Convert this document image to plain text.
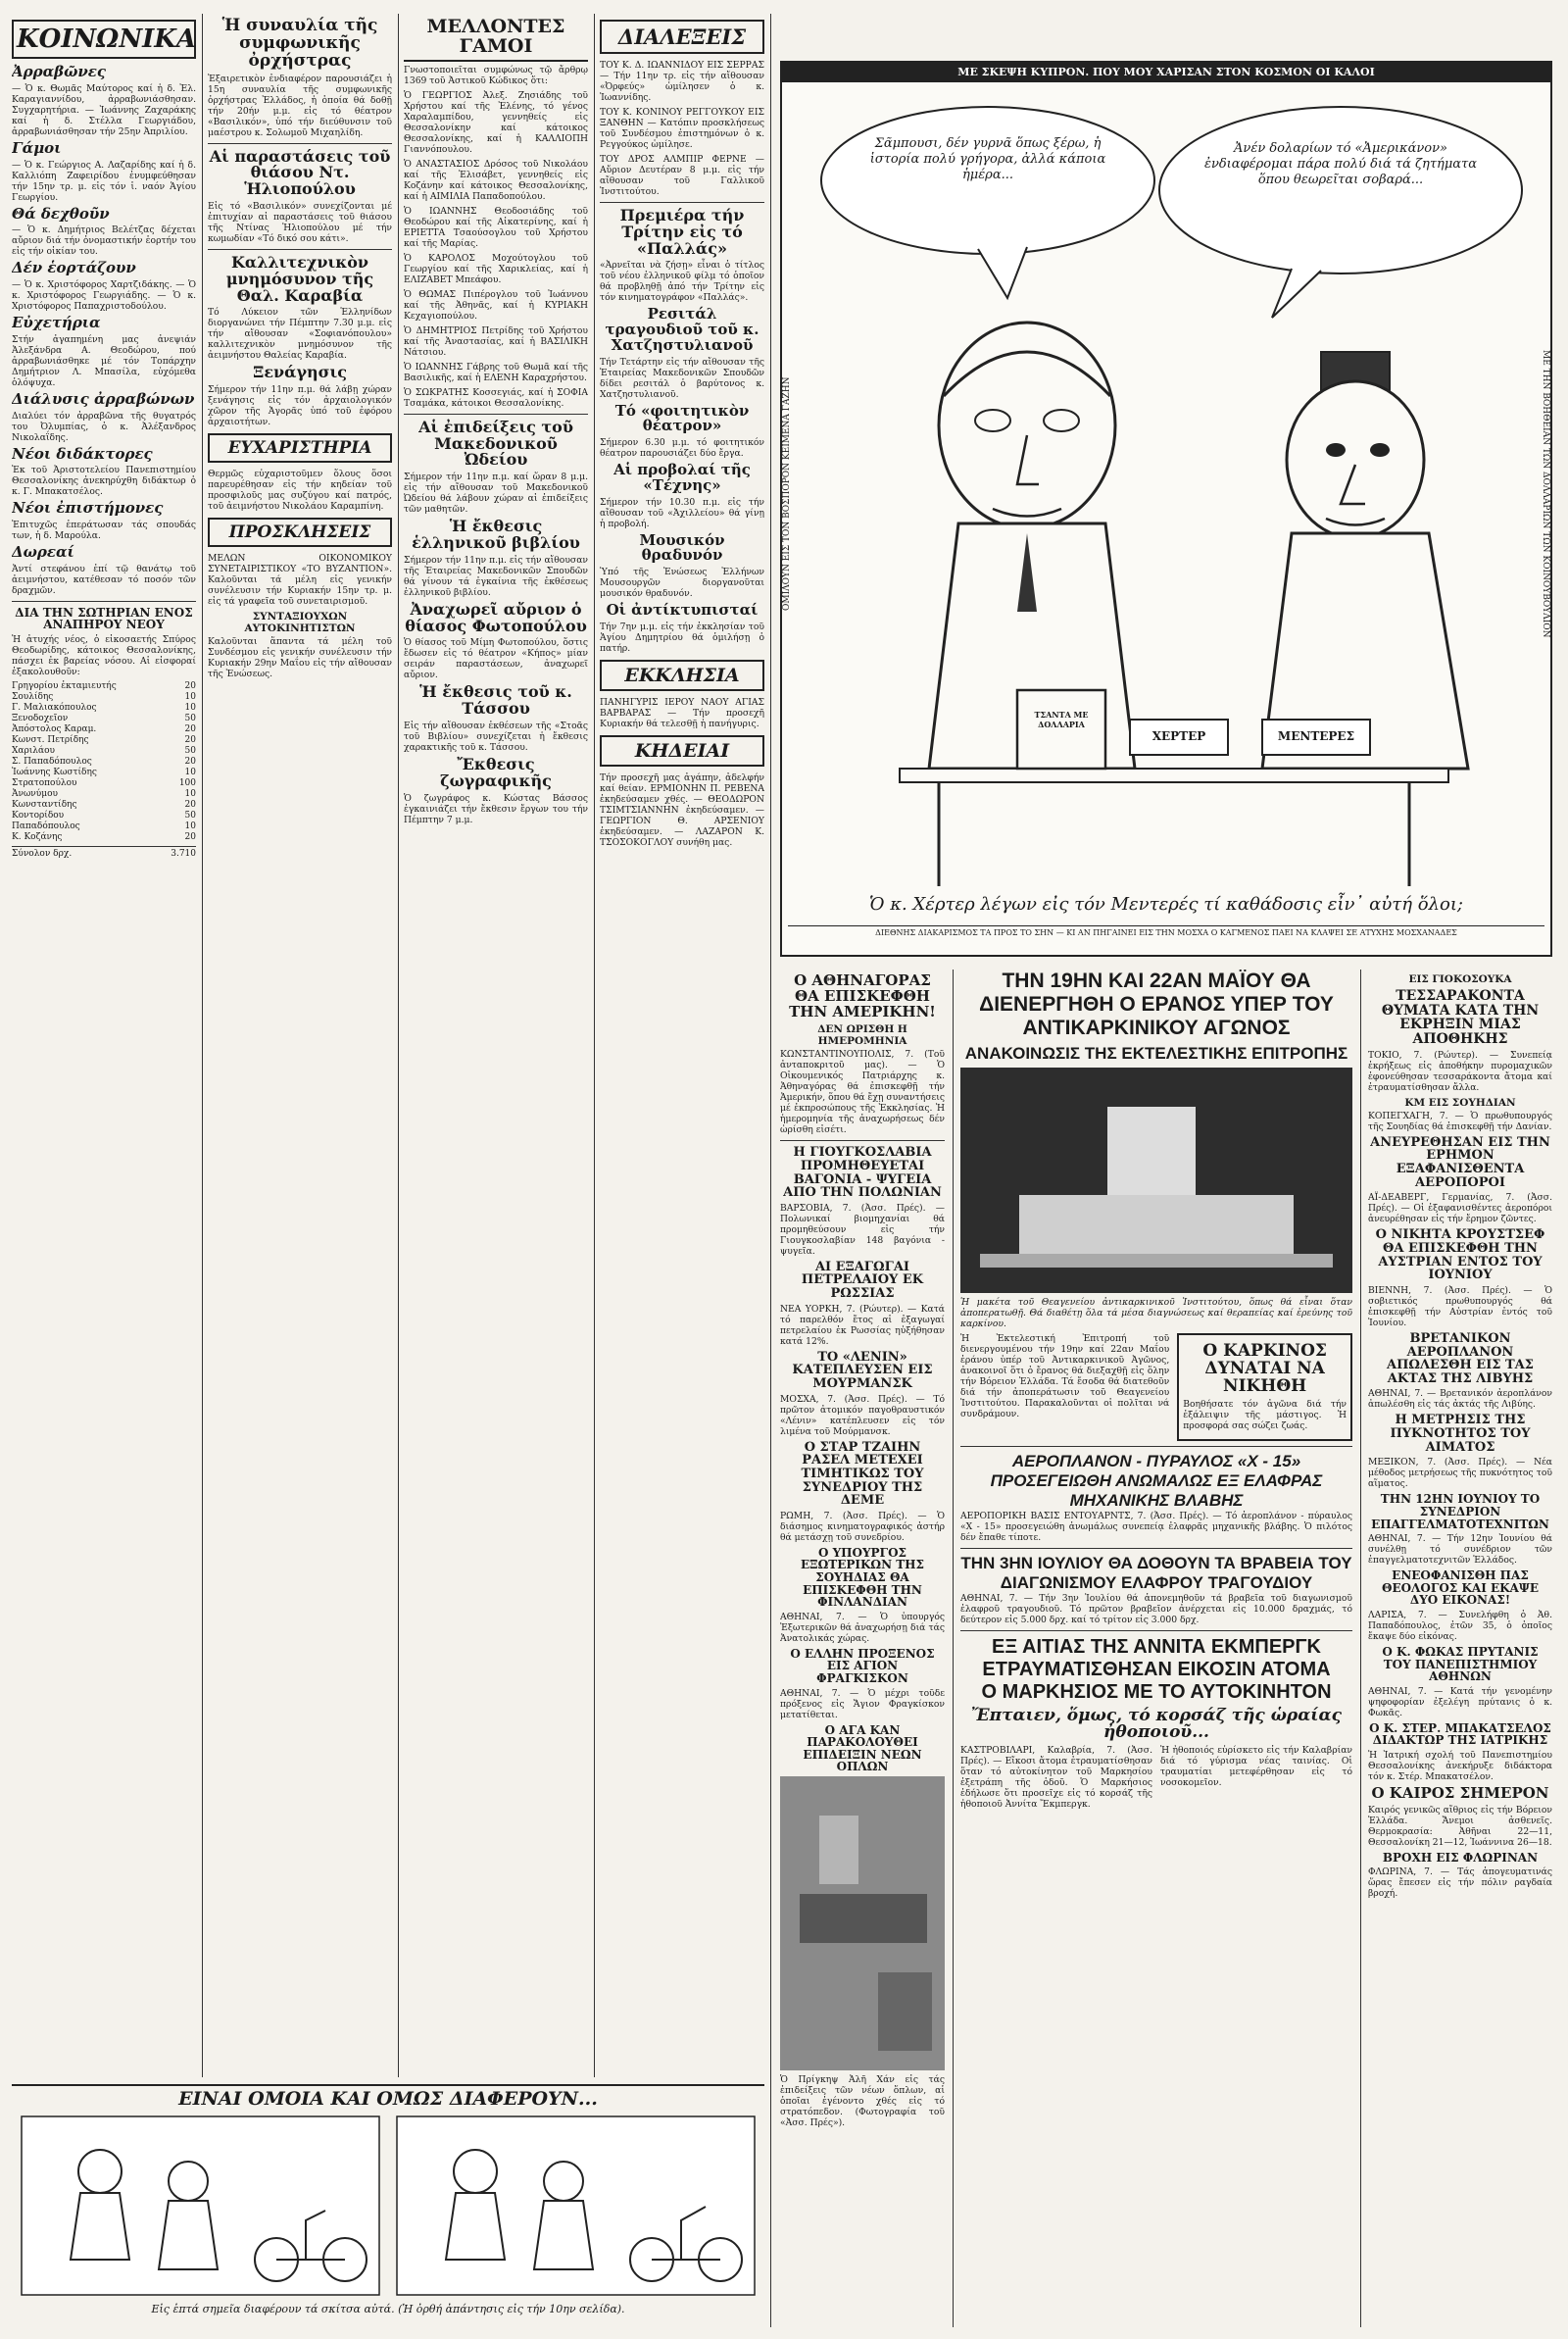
ΚΟΙΝΩΝΙΚΑ
Ἀρραβῶνες

— Ὁ κ. Θωμᾶς Μαύτορος καί ἡ δ. Ἐλ. Καραγιαννίδου, ἀρραβωνιάσθησαν. Συγχαρητήρια. — Ἰωάννης Ζαχαράκης καί ἡ δ. Στέλλα Γεωργιάδου, ἀρραβωνιάσθησαν τήν 25ην Ἀπριλίου.

Γάμοι

— Ὁ κ. Γεώργιος Α. Λαζαρίδης καί ἡ δ. Καλλιόπη Ζαφειρίδου ἐνυμφεύθησαν τήν 15ην τρ. μ. εἰς τόν ἱ. ναόν Ἁγίου Γεωργίου.

Θά δεχθοῦν

— Ὁ κ. Δημήτριος Βελέτζας δέχεται αὔριον διά τήν ὀνομαστικήν ἑορτήν του εἰς τήν οἰκίαν του.

Δέν ἑορτάζουν

— Ὁ κ. Χριστόφορος Χαρτζιδάκης. — Ὁ κ. Χριστόφορος Γεωργιάδης. — Ὁ κ. Χριστόφορος Παπαχριστοδούλου.

Εὐχετήρια

Στήν ἀγαπημένη μας ἀνεψιάν Ἀλεξάνδρα Α. Θεοδώρου, πού ἀρραβωνιάσθηκε μέ τόν Τοπάρχην Δημήτριον Λ. Μπασίλα, εὐχόμεθα ὁλόψυχα.

Διάλυσις ἀρραβώνων

Διαλύει τόν ἀρραβῶνα τῆς θυγατρός του Ὀλυμπίας, ὁ κ. Ἀλέξανδρος Νικολαΐδης.

Νέοι διδάκτορες

Ἐκ τοῦ Ἀριστοτελείου Πανεπιστημίου Θεσσαλονίκης ἀνεκηρύχθη διδάκτωρ ὁ κ. Γ. Μπακατσέλος.

Νέοι ἐπιστήμονες

Ἐπιτυχῶς ἐπεράτωσαν τάς σπουδάς των, ἡ δ. Μαρούλα.

Δωρεαί

Ἀντί στεφάνου ἐπί τῷ θανάτῳ τοῦ ἀειμνήστου, κατέθεσαν τό ποσόν τῶν δραχμῶν.

ΔΙΑ ΤΗΝ ΣΩΤΗΡΙΑΝ ΕΝΟΣ ΑΝΑΠΗΡΟΥ ΝΕΟΥ

Ἡ ἀτυχής νέος, ὁ εἰκοσαετής Σπύρος Θεοδωρίδης, κάτοικος Θεσσαλονίκης, πάσχει ἐκ βαρείας νόσου. Αἱ εἰσφοραί ἐξακολουθοῦν:

Γρηγορίου ἐκταμιευτής	20
Σουλίδης	10
Γ. Μαλιακόπουλος	10
Ξενοδοχεῖον	50
Ἀπόστολος Καραμ.	20
Κωνστ. Πετρίδης	20
Χαριλάου	50
Σ. Παπαδόπουλος	20
Ἰωάννης Κωστίδης	10
Στρατοπούλου	100
Ἀνωνύμου	10
Κωνσταντίδης	20
Κοντορίδου	50
Παπαδόπουλος	10
Κ. Κοζάνης	20
Σύνολον δρχ.	3.710
Ἡ συναυλία τῆς συμφωνικῆς ὀρχήστρας

Ἐξαιρετικὸν ἐνδιαφέρον παρουσιάζει ἡ 15η συναυλία τῆς συμφωνικῆς ὀρχήστρας Ἐλλάδος, ἡ ὁποία θά δοθῇ τήν 20ήν μ.μ. εἰς τό θέατρον «Βασιλικόν», ὑπό τήν διεύθυνσιν τοῦ μαέστρου κ. Σολωμοῦ Μιχαηλίδη.

Αἱ παραστάσεις τοῦ θιάσου Ντ. Ἡλιοπούλου

Εἰς τό «Βασιλικόν» συνεχίζονται μέ ἐπιτυχίαν αἱ παραστάσεις τοῦ θιάσου τῆς Ντίνας Ἡλιοπούλου μέ τήν κωμωδίαν «Τό δικό σου κάτι».

Καλλιτεχνικὸν μνημόσυνον τῆς Θαλ. Καραβία

Τό Λύκειον τῶν Ἑλληνίδων διοργανώνει τήν Πέμπτην 7.30 μ.μ. εἰς τήν αἴθουσαν «Σοφιανόπουλου» καλλιτεχνικὸν μνημόσυνον τῆς ἀειμνήστου Θαλείας Καραβία.

Ξενάγησις

Σήμερον τήν 11ην π.μ. θά λάβῃ χώραν ξενάγησις εἰς τόν ἀρχαιολογικόν χῶρον τῆς Ἀγορᾶς ὑπό τοῦ ἐφόρου ἀρχαιοτήτων.

ΕΥΧΑΡΙΣΤΗΡΙΑ

Θερμῶς εὐχαριστοῦμεν ὅλους ὅσοι παρευρέθησαν εἰς τήν κηδείαν τοῦ προσφιλοῦς μας συζύγου καί πατρός, τοῦ ἀειμνήστου Νικολάου Καραμπίνη.

ΠΡΟΣΚΛΗΣΕΙΣ

ΜΕΛΩΝ ΟΙΚΟΝΟΜΙΚΟΥ ΣΥΝΕΤΑΙΡΙΣΤΙΚΟΥ «ΤΟ ΒΥΖΑΝΤΙΟΝ». Καλοῦνται τά μέλη εἰς γενικήν συνέλευσιν τήν Κυριακήν 15ην τρ. μ. εἰς τά γραφεῖα τοῦ συνεταιρισμοῦ.

ΣΥΝΤΑΞΙΟΥΧΩΝ ΑΥΤΟΚΙΝΗΤΙΣΤΩΝ

Καλοῦνται ἅπαντα τά μέλη τοῦ Συνδέσμου εἰς γενικήν συνέλευσιν τήν Κυριακήν 29ην Μαΐου εἰς τήν αἴθουσαν τῆς Ἑνώσεως.

ΜΕΛΛΟΝΤΕΣ ΓΑΜΟΙ

Γνωστοποιεῖται συμφώνως τῷ ἄρθρῳ 1369 τοῦ Ἀστικοῦ Κώδικος ὅτι:

Ὁ ΓΕΩΡΓΙΟΣ Ἀλεξ. Ζησιάδης τοῦ Χρήστου καί τῆς Ἐλένης, τό γένος Χαραλαμπίδου, γεννηθείς εἰς Θεσσαλονίκην καί κάτοικος Θεσσαλονίκης, καί ἡ ΚΑΛΛΙΟΠΗ Γιαννόπουλου.

Ὁ ΑΝΑΣΤΑΣΙΟΣ Δρόσος τοῦ Νικολάου καί τῆς Ἐλισάβετ, γεννηθείς εἰς Κοζάνην καί κάτοικος Θεσσαλονίκης, καί ἡ ΑΙΜΙΛΙΑ Παπαδοπούλου.

Ὁ ΙΩΑΝΝΗΣ Θεοδοσιάδης τοῦ Θεοδώρου καί τῆς Αἰκατερίνης, καί ἡ ΕΡΙΕΤΤΑ Τσαούσογλου τοῦ Χρήστου καί τῆς Μαρίας.

Ὁ ΚΑΡΟΛΟΣ Μοχούτογλου τοῦ Γεωργίου καί τῆς Χαρικλείας, καί ἡ ΕΛΙΖΑΒΕΤ Μπεάφου.

Ὁ ΘΩΜΑΣ Πιπέρογλου τοῦ Ἰωάννου καί τῆς Ἀθηνᾶς, καί ἡ ΚΥΡΙΑΚΗ Κεχαγιοπούλου.

Ὁ ΔΗΜΗΤΡΙΟΣ Πετρίδης τοῦ Χρήστου καί τῆς Ἀναστασίας, καί ἡ ΒΑΣΙΛΙΚΗ Νάτσιου.

Ὁ ΙΩΑΝΝΗΣ Γάβρης τοῦ Θωμᾶ καί τῆς Βασιλικῆς, καί ἡ ΕΛΕΝΗ Καραχρήστου.

Ὁ ΣΩΚΡΑΤΗΣ Κοσσεγιάς, καί ἡ ΣΟΦΙΑ Τσαμάκα, κάτοικοι Θεσσαλονίκης.

Αἱ ἐπιδείξεις τοῦ Μακεδονικοῦ Ὠδείου

Σήμερον τήν 11ην π.μ. καί ὥραν 8 μ.μ. εἰς τήν αἴθουσαν τοῦ Μακεδονικοῦ Ὠδείου θά λάβουν χώραν αἱ ἐπιδείξεις τῶν μαθητῶν.

Ἡ ἔκθεσις ἑλληνικοῦ βιβλίου

Σήμερον τήν 11ην π.μ. εἰς τήν αἴθουσαν τῆς Ἑταιρείας Μακεδονικῶν Σπουδῶν θά γίνουν τά ἐγκαίνια τῆς ἐκθέσεως ἑλληνικοῦ βιβλίου.

Ἀναχωρεῖ αὔριον ὁ θίασος Φωτοπούλου

Ὁ θίασος τοῦ Μίμη Φωτοπούλου, ὅστις ἔδωσεν εἰς τό θέατρον «Κήπος» μίαν σειράν παραστάσεων, ἀναχωρεῖ αὔριον.

Ἡ ἔκθεσις τοῦ κ. Τάσσου

Εἰς τήν αἴθουσαν ἐκθέσεων τῆς «Στοᾶς τοῦ Βιβλίου» συνεχίζεται ἡ ἔκθεσις χαρακτικῆς τοῦ κ. Τάσσου.

Ἔκθεσις ζωγραφικῆς

Ὁ ζωγράφος κ. Κώστας Βάσσος ἐγκαινιάζει τήν ἔκθεσιν ἔργων του τήν Πέμπτην 7 μ.μ.

ΔΙΑΛΕΞΕΙΣ

ΤΟΥ Κ. Δ. ΙΩΑΝΝΙΔΟΥ ΕΙΣ ΣΕΡΡΑΣ — Τήν 11ην τρ. εἰς τήν αἴθουσαν «Ὀρφεύς» ὡμίλησεν ὁ κ. Ἰωαννίδης.

ΤΟΥ Κ. ΚΟΝΙΝΟΥ ΡΕΓΓΟΥΚΟΥ ΕΙΣ ΞΑΝΘΗΝ — Κατόπιν προσκλήσεως τοῦ Συνδέσμου ἐπιστημόνων ὁ κ. Ρεγγούκος ὡμίλησε.

ΤΟΥ ΔΡΟΣ ΑΛΜΠΙΡ ΦΕΡΝΕ — Αὔριον Δευτέραν 8 μ.μ. εἰς τήν αἴθουσαν τοῦ Γαλλικοῦ Ἰνστιτούτου.

Πρεμιέρα τήν Τρίτην εἰς τό «Παλλάς»

«Ἀρνεῖται νὰ ζήσῃ» εἶναι ὁ τίτλος τοῦ νέου ἑλληνικοῦ φίλμ τό ὁποῖον θά προβληθῇ ἀπό τήν Τρίτην εἰς τόν κινηματογράφον «Παλλάς».

Ρεσιτάλ τραγουδιοῦ τοῦ κ. Χατζηστυλιανοῦ

Τήν Τετάρτην εἰς τήν αἴθουσαν τῆς Ἑταιρείας Μακεδονικῶν Σπουδῶν δίδει ρεσιτάλ ὁ βαρύτονος κ. Χατζηστυλιανοῦ.

Τό «φοιτητικὸν θέατρον»

Σήμερον 6.30 μ.μ. τό φοιτητικόν θέατρον παρουσιάζει δύο ἔργα.

Αἱ προβολαί τῆς «Τέχνης»

Σήμερον τήν 10.30 π.μ. εἰς τήν αἴθουσαν τοῦ «Ἀχιλλείου» θά γίνῃ ἡ προβολή.

Μουσικόν θραδυνόν

Ὑπό τῆς Ἑνώσεως Ἐλλήνων Μουσουργῶν διοργανοῦται μουσικόν θραδυνόν.

Οἱ ἀντίκτυπισταί

Τήν 7ην μ.μ. εἰς τήν ἐκκλησίαν τοῦ Ἁγίου Δημητρίου θά ὁμιλήσῃ ὁ πατήρ.

ΕΚΚΛΗΣΙΑ

ΠΑΝΗΓΥΡΙΣ ΙΕΡΟΥ ΝΑΟΥ ΑΓΙΑΣ ΒΑΡΒΑΡΑΣ — Τήν προσεχῆ Κυριακήν θά τελεσθῇ ἡ πανήγυρις.

ΚΗΔΕΙΑΙ

Τήν προσεχῆ μας ἀγάπην, ἀδελφήν καί θείαν. ΕΡΜΙΟΝΗΝ Π. ΡΕΒΕΝΑ ἐκηδεύσαμεν χθές. — ΘΕΟΔΩΡΟΝ ΤΣΙΜΤΣΙΑΝΝΗΝ ἐκηδεύσαμεν. — ΓΕΩΡΓΙΟΝ Θ. ΑΡΣΕΝΙΟΥ ἐκηδεύσαμεν. — ΛΑΖΑΡΟΝ Κ. ΤΣΟΣΟΚΟΓΛΟΥ συνήθη μας.

ΜΕ ΣΚΕΨΗ ΚΥΠΡΟΝ. ΠΟΥ ΜΟΥ ΧΑΡΙΣΑΝ ΣΤΟΝ ΚΟΣΜΟΝ ΟΙ ΚΑΛΟΙ
Σᾶμπουσι, δέν γυρνᾶ ὅπως ξέρω, ἡ ἱστορία πολύ γρήγορα, ἀλλά κάποια ἡμέρα...
Ἀνέν δολαρίων τό «Ἀμερικάνον» ἐνδιαφέρομαι πάρα πολύ διά τά ζητήματα ὅπου θεωρεῖται σοβαρά...
ΧΕΡΤΕΡ	ΜΕΝΤΕΡΕΣ
ΤΣΑΝΤΑ ΜΕ ΔΟΛΛΑΡΙΑ
Ὁ κ. Χέρτερ λέγων εἰς τόν Μεντερές τί καθάδοσις εἶν᾽ αὐτή ὅλοι;
ΔΙΕΘΝΗΣ ΔΙΑΚΑΡΙΣΜΟΣ ΤΑ ΠΡΟΣ ΤΟ ΣΗΝ — ΚΙ ΑΝ ΠΗΓΑΙΝΕΙ ΕΙΣ ΤΗΝ ΜΟΣΧΑ Ο ΚΑΓΜΕΝΟΣ ΠΑΕΙ ΝΑ ΚΛΑΨΕΙ ΣΕ ΑΤΥΧΗΣ ΜΟΣΧΑΝΑΔΕΣ
ΟΜΙΛΟΥΝ ΕΙΣ ΤΟΝ ΒΟΣΠΟΡΟΝ ΚΕΙΜΕΝΑ ΓΑΖΗΝ	ΜΕ ΤΗΝ ΒΟΗΘΕΙΑΝ ΤΩΝ ΔΟΛΛΑΡΙΩΝ ΤΩΝ ΚΟΙΝΟΥΒΟΥΛΙΟΝ
Ο ΑΘΗΝΑΓΟΡΑΣ ΘΑ ΕΠΙΣΚΕΦΘΗ ΤΗΝ ΑΜΕΡΙΚΗΝ!
ΔΕΝ ΩΡΙΣΘΗ Η ΗΜΕΡΟΜΗΝΙΑ

ΚΩΝΣΤΑΝΤΙΝΟΥΠΟΛΙΣ, 7. (Τοῦ ἀνταποκριτοῦ μας). — Ὁ Οἰκουμενικός Πατριάρχης κ. Ἀθηναγόρας θά ἐπισκεφθῇ τήν Ἀμερικήν, ὅπου θά ἔχῃ συναντήσεις μέ ἐκπροσώπους τῆς Ἐκκλησίας. Ἡ ἡμερομηνία τῆς ἀναχωρήσεως δέν ὡρίσθη εἰσέτι.

Η ΓΙΟΥΓΚΟΣΛΑΒΙΑ ΠΡΟΜΗΘΕΥΕΤΑΙ ΒΑΓΟΝΙΑ - ΨΥΓΕΙΑ ΑΠΟ ΤΗΝ ΠΟΛΩΝΙΑΝ

ΒΑΡΣΟΒΙΑ, 7. (Ἀσσ. Πρές). — Πολωνικαί βιομηχανίαι θά προμηθεύσουν εἰς τήν Γιουγκοσλαβίαν 148 βαγόνια - ψυγεῖα.

ΑΙ ΕΞΑΓΩΓΑΙ ΠΕΤΡΕΛΑΙΟΥ ΕΚ ΡΩΣΣΙΑΣ

ΝΕΑ ΥΟΡΚΗ, 7. (Ρώυτερ). — Κατά τό παρελθόν ἔτος αἱ ἐξαγωγαί πετρελαίου ἐκ Ρωσσίας ηὐξήθησαν κατά 12%.

ΤΟ «ΛΕΝΙΝ» ΚΑΤΕΠΛΕΥΣΕΝ ΕΙΣ ΜΟΥΡΜΑΝΣΚ

ΜΟΣΧΑ, 7. (Ἀσσ. Πρές). — Τό πρῶτον ἀτομικόν παγοθραυστικόν «Λένιν» κατέπλευσεν εἰς τόν λιμένα τοῦ Μούρμανσκ.

Ο ΣΤΑΡ ΤΖΑΙΗΝ ΡΑΣΕΛ ΜΕΤΕΧΕΙ ΤΙΜΗΤΙΚΩΣ ΤΟΥ ΣΥΝΕΔΡΙΟΥ ΤΗΣ ΔΕΜΕ

ΡΩΜΗ, 7. (Ἀσσ. Πρές). — Ὁ διάσημος κινηματογραφικός ἀστήρ θά μετάσχῃ τοῦ συνεδρίου.

Ο ΥΠΟΥΡΓΟΣ ΕΞΩΤΕΡΙΚΩΝ ΤΗΣ ΣΟΥΗΔΙΑΣ ΘΑ ΕΠΙΣΚΕΦΘΗ ΤΗΝ ΦΙΝΛΑΝΔΙΑΝ

ΑΘΗΝΑΙ, 7. — Ὁ ὑπουργός Ἐξωτερικῶν θά ἀναχωρήσῃ διά τάς Ἀνατολικάς χώρας.

Ο ΕΛΛΗΝ ΠΡΟΞΕΝΟΣ ΕΙΣ ΑΓΙΟΝ ΦΡΑΓΚΙΣΚΟΝ

ΑΘΗΝΑΙ, 7. — Ὁ μέχρι τοῦδε πρόξενος εἰς Ἄγιον Φραγκίσκον μετατίθεται.

Ο ΑΓΑ ΚΑΝ ΠΑΡΑΚΟΛΟΥΘΕΙ ΕΠΙΔΕΙΞΙΝ ΝΕΩΝ ΟΠΛΩΝ

Ὁ Πρίγκηψ Ἀλῆ Χάν εἰς τάς ἐπιδείξεις τῶν νέων ὅπλων, αἱ ὁποῖαι ἐγένοντο χθές εἰς τό στρατόπεδον. (Φωτογραφία τοῦ «Ἀσσ. Πρές»).

ΤΗΝ 19ΗΝ ΚΑΙ 22ΑΝ ΜΑΪΟΥ ΘΑ ΔΙΕΝΕΡΓΗΘΗ Ο ΕΡΑΝΟΣ ΥΠΕΡ ΤΟΥ ΑΝΤΙΚΑΡΚΙΝΙΚΟΥ ΑΓΩΝΟΣ
ΑΝΑΚΟΙΝΩΣΙΣ ΤΗΣ ΕΚΤΕΛΕΣΤΙΚΗΣ ΕΠΙΤΡΟΠΗΣ

Ἡ μακέτα τοῦ Θεαγενείου ἀντικαρκινικοῦ Ἰνστιτούτου, ὅπως θά εἶναι ὅταν ἀποπερατωθῇ. Θά διαθέτῃ ὅλα τά μέσα διαγνώσεως καί θεραπείας καί ἐρεύνης τοῦ καρκίνου.

Ἡ Ἐκτελεστική Ἐπιτροπή τοῦ διενεργουμένου τήν 19ην καί 22αν Μαΐου ἐράνου ὑπέρ τοῦ Ἀντικαρκινικοῦ Ἀγῶνος, ἀνακοινοῖ ὅτι ὁ ἔρανος θά διεξαχθῇ εἰς ὅλην τήν Βόρειον Ἑλλάδα. Τά ἔσοδα θά διατεθοῦν διά τήν ἀποπεράτωσιν τοῦ Θεαγενείου Ἰνστιτούτου. Παρακαλοῦνται οἱ πολῖται νά συνδράμουν.

Ο ΚΑΡΚΙΝΟΣ ΔΥΝΑΤΑΙ ΝΑ ΝΙΚΗΘΗ

Βοηθήσατε τόν ἀγῶνα διά τήν ἐξάλειψιν τῆς μάστιγος. Ἡ προσφορά σας σώζει ζωάς.

ΑΕΡΟΠΛΑΝΟΝ - ΠΥΡΑΥΛΟΣ «Χ - 15» ΠΡΟΣΕΓΕΙΩΘΗ ΑΝΩΜΑΛΩΣ ΕΞ ΕΛΑΦΡΑΣ ΜΗΧΑΝΙΚΗΣ ΒΛΑΒΗΣ

ΑΕΡΟΠΟΡΙΚΗ ΒΑΣΙΣ ΕΝΤΟΥΑΡΝΤΣ, 7. (Ἀσσ. Πρές). — Τό ἀεροπλάνον - πύραυλος «Χ - 15» προσεγειώθη ἀνωμάλως συνεπείᾳ ἐλαφρᾶς μηχανικῆς βλάβης. Ὁ πιλότος δέν ἔπαθε τίποτε.

ΤΗΝ 3ΗΝ ΙΟΥΛΙΟΥ ΘΑ ΔΟΘΟΥΝ ΤΑ ΒΡΑΒΕΙΑ ΤΟΥ ΔΙΑΓΩΝΙΣΜΟΥ ΕΛΑΦΡΟΥ ΤΡΑΓΟΥΔΙΟΥ

ΑΘΗΝΑΙ, 7. — Τήν 3ην Ἰουλίου θά ἀπονεμηθοῦν τά βραβεῖα τοῦ διαγωνισμοῦ ἐλαφροῦ τραγουδιοῦ. Τό πρῶτον βραβεῖον ἀνέρχεται εἰς 10.000 δραχμάς, τό δεύτερον εἰς 5.000 δρχ. καί τό τρίτον εἰς 3.000 δρχ.

ΕΞ ΑΙΤΙΑΣ ΤΗΣ ΑΝΝΙΤΑ ΕΚΜΠΕΡΓΚ ΕΤΡΑΥΜΑΤΙΣΘΗΣΑΝ ΕΙΚΟΣΙΝ ΑΤΟΜΑ
Ο ΜΑΡΚΗΣΙΟΣ ΜΕ ΤΟ ΑΥΤΟΚΙΝΗΤΟΝ
Ἔπταιεν, ὅμως, τό κορσάζ τῆς ὡραίας ἠθοποιοῦ...

ΚΑΣΤΡΟΒΙΛΑΡΙ, Καλαβρία, 7. (Ἀσσ. Πρές). — Εἴκοσι ἄτομα ἐτραυματίσθησαν ὅταν τό αὐτοκίνητον τοῦ Μαρκησίου ἐξετράπη τῆς ὁδοῦ. Ὁ Μαρκήσιος ἐδήλωσε ὅτι προσεῖχε εἰς τό κορσάζ τῆς ἠθοποιοῦ Ἀννίτα Ἔκμπεργκ.

Ἡ ἠθοποιός εὑρίσκετο εἰς τήν Καλαβρίαν διά τό γύρισμα νέας ταινίας. Οἱ τραυματίαι μετεφέρθησαν εἰς τό νοσοκομεῖον.

ΕΙΣ ΓΙΟΚΟΣΟΥΚΑ
ΤΕΣΣΑΡΑΚΟΝΤΑ ΘΥΜΑΤΑ ΚΑΤΑ ΤΗΝ ΕΚΡΗΞΙΝ ΜΙΑΣ ΑΠΟΘΗΚΗΣ

ΤΟΚΙΟ, 7. (Ρώυτερ). — Συνεπείᾳ ἐκρήξεως εἰς ἀποθήκην πυρομαχικῶν ἐφονεύθησαν τεσσαράκοντα ἄτομα καί ἐτραυματίσθησαν ἄλλα.

ΚΜ ΕΙΣ ΣΟΥΗΔΙΑΝ

ΚΟΠΕΓΧΑΓΗ, 7. — Ὁ πρωθυπουργός τῆς Σουηδίας θά ἐπισκεφθῇ τήν Δανίαν.

ΑΝΕΥΡΕΘΗΣΑΝ ΕΙΣ ΤΗΝ ΕΡΗΜΟΝ ΕΞΑΦΑΝΙΣΘΕΝΤΑ ΑΕΡΟΠΟΡΟΙ

ΑΪ-ΔΕΑΒΕΡΓ, Γερμανίας, 7. (Ἀσσ. Πρές). — Οἱ ἐξαφανισθέντες ἀεροπόροι ἀνευρέθησαν εἰς τήν ἔρημον ζῶντες.

Ο ΝΙΚΗΤΑ ΚΡΟΥΣΤΣΕΦ ΘΑ ΕΠΙΣΚΕΦΘΗ ΤΗΝ ΑΥΣΤΡΙΑΝ ΕΝΤΟΣ ΤΟΥ ΙΟΥΝΙΟΥ

ΒΙΕΝΝΗ, 7. (Ἀσσ. Πρές). — Ὁ σοβιετικός πρωθυπουργός θά ἐπισκεφθῇ τήν Αὐστρίαν ἐντός τοῦ Ἰουνίου.

ΒΡΕΤΑΝΙΚΟΝ ΑΕΡΟΠΛΑΝΟΝ ΑΠΩΛΕΣΘΗ ΕΙΣ ΤΑΣ ΑΚΤΑΣ ΤΗΣ ΛΙΒΥΗΣ

ΑΘΗΝΑΙ, 7. — Βρετανικόν ἀεροπλάνον ἀπωλέσθη εἰς τάς ἀκτάς τῆς Λιβύης.

Η ΜΕΤΡΗΣΙΣ ΤΗΣ ΠΥΚΝΟΤΗΤΟΣ ΤΟΥ ΑΙΜΑΤΟΣ

ΜΕΞΙΚΟΝ, 7. (Ἀσσ. Πρές). — Νέα μέθοδος μετρήσεως τῆς πυκνότητος τοῦ αἵματος.

ΤΗΝ 12ΗΝ ΙΟΥΝΙΟΥ ΤΟ ΣΥΝΕΔΡΙΟΝ ΕΠΑΓΓΕΛΜΑΤΟΤΕΧΝΙΤΩΝ

ΑΘΗΝΑΙ, 7. — Τήν 12ην Ἰουνίου θά συνέλθῃ τό συνέδριον τῶν ἐπαγγελματοτεχνιτῶν Ἑλλάδος.

ΕΝΕΟΦΑΝΙΣΘΗ ΠΑΣ ΘΕΟΛΟΓΟΣ ΚΑΙ ΕΚΑΨΕ ΔΥΟ ΕΙΚΟΝΑΣ!

ΛΑΡΙΣΑ, 7. — Συνελήφθη ὁ Ἀθ. Παπαδόπουλος, ἐτῶν 35, ὁ ὁποῖος ἔκαψε δύο εἰκόνας.

Ο Κ. ΦΩΚΑΣ ΠΡΥΤΑΝΙΣ ΤΟΥ ΠΑΝΕΠΙΣΤΗΜΙΟΥ ΑΘΗΝΩΝ

ΑΘΗΝΑΙ, 7. — Κατά τήν γενομένην ψηφοφορίαν ἐξελέγη πρύτανις ὁ κ. Φωκᾶς.

Ο Κ. ΣΤΕΡ. ΜΠΑΚΑΤΣΕΛΟΣ ΔΙΔΑΚΤΩΡ ΤΗΣ ΙΑΤΡΙΚΗΣ

Ἡ Ἰατρική σχολή τοῦ Πανεπιστημίου Θεσσαλονίκης ἀνεκήρυξε διδάκτορα τόν κ. Στέρ. Μπακατσέλον.

Ο ΚΑΙΡΟΣ ΣΗΜΕΡΟΝ

Καιρός γενικῶς αἴθριος εἰς τήν Βόρειον Ἑλλάδα. Ἄνεμοι ἀσθενεῖς. Θερμοκρασία: Ἀθῆναι 22—11, Θεσσαλονίκη 21—12, Ἰωάννινα 26—18.

ΒΡΟΧΗ ΕΙΣ ΦΛΩΡΙΝΑΝ

ΦΛΩΡΙΝΑ, 7. — Τάς ἀπογευματινάς ὥρας ἔπεσεν εἰς τήν πόλιν ραγδαία βροχή.

ΕΙΝΑΙ ΟΜΟΙΑ ΚΑΙ ΟΜΩΣ ΔΙΑΦΕΡΟΥΝ...
Εἰς ἑπτά σημεῖα διαφέρουν τά σκίτσα αὐτά. (Ἡ ὀρθή ἀπάντησις εἰς τήν 10ην σελίδα).
